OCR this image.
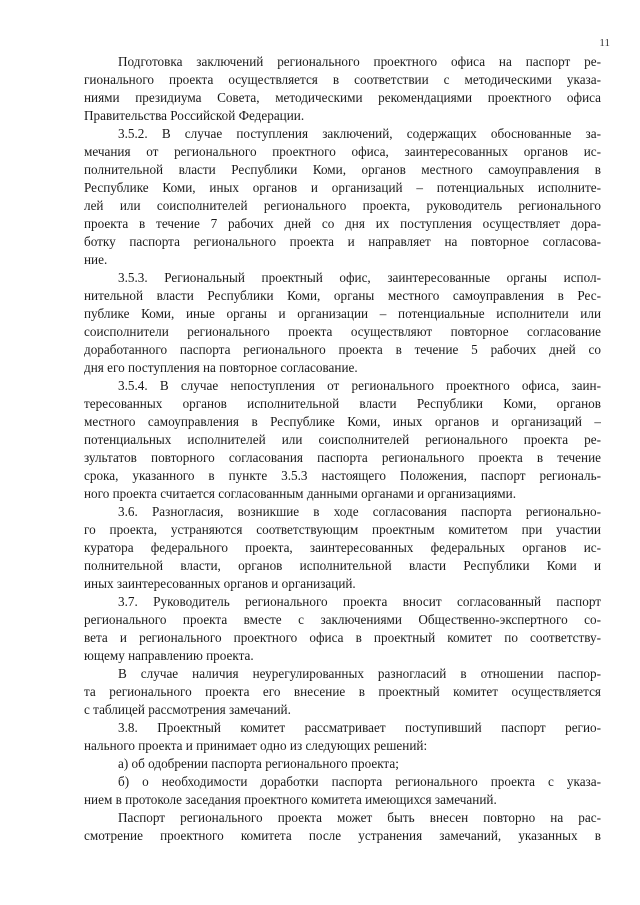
11
Подготовка заключений регионального проектного офиса на паспорт ре-
гионального проекта осуществляется в соответствии с методическими указа-
ниями президиума Совета, методическими рекомендациями проектного офиса
Правительства Российской Федерации.
3.5.2. В случае поступления заключений, содержащих обоснованные за-
мечания от регионального проектного офиса, заинтересованных органов ис-
полнительной власти Республики Коми, органов местного самоуправления в
Республике Коми, иных органов и организаций – потенциальных исполните-
лей или соисполнителей регионального проекта, руководитель регионального
проекта в течение 7 рабочих дней со дня их поступления осуществляет дора-
ботку паспорта регионального проекта и направляет на повторное согласова-
ние.
3.5.3. Региональный проектный офис, заинтересованные органы испол-
нительной власти Республики Коми, органы местного самоуправления в Рес-
публике Коми, иные органы и организации – потенциальные исполнители или
соисполнители регионального проекта осуществляют повторное согласование
доработанного паспорта регионального проекта в течение 5 рабочих дней со
дня его поступления на повторное согласование.
3.5.4. В случае непоступления от регионального проектного офиса, заин-
тересованных органов исполнительной власти Республики Коми, органов
местного самоуправления в Республике Коми, иных органов и организаций –
потенциальных исполнителей или соисполнителей регионального проекта ре-
зультатов повторного согласования паспорта регионального проекта в течение
срока, указанного в пункте 3.5.3 настоящего Положения, паспорт региональ-
ного проекта считается согласованным данными органами и организациями.
3.6. Разногласия, возникшие в ходе согласования паспорта регионально-
го проекта, устраняются соответствующим проектным комитетом при участии
куратора федерального проекта, заинтересованных федеральных органов ис-
полнительной власти, органов исполнительной власти Республики Коми и
иных заинтересованных органов и организаций.
3.7. Руководитель регионального проекта вносит согласованный паспорт
регионального проекта вместе с заключениями Общественно-экспертного со-
вета и регионального проектного офиса в проектный комитет по соответству-
ющему направлению проекта.
В случае наличия неурегулированных разногласий в отношении паспор-
та регионального проекта его внесение в проектный комитет осуществляется
с таблицей рассмотрения замечаний.
3.8. Проектный комитет рассматривает поступивший паспорт регио-
нального проекта и принимает одно из следующих решений:
а) об одобрении паспорта регионального проекта;
б) о необходимости доработки паспорта регионального проекта с указа-
нием в протоколе заседания проектного комитета имеющихся замечаний.
Паспорт регионального проекта может быть внесен повторно на рас-
смотрение проектного комитета после устранения замечаний, указанных в
